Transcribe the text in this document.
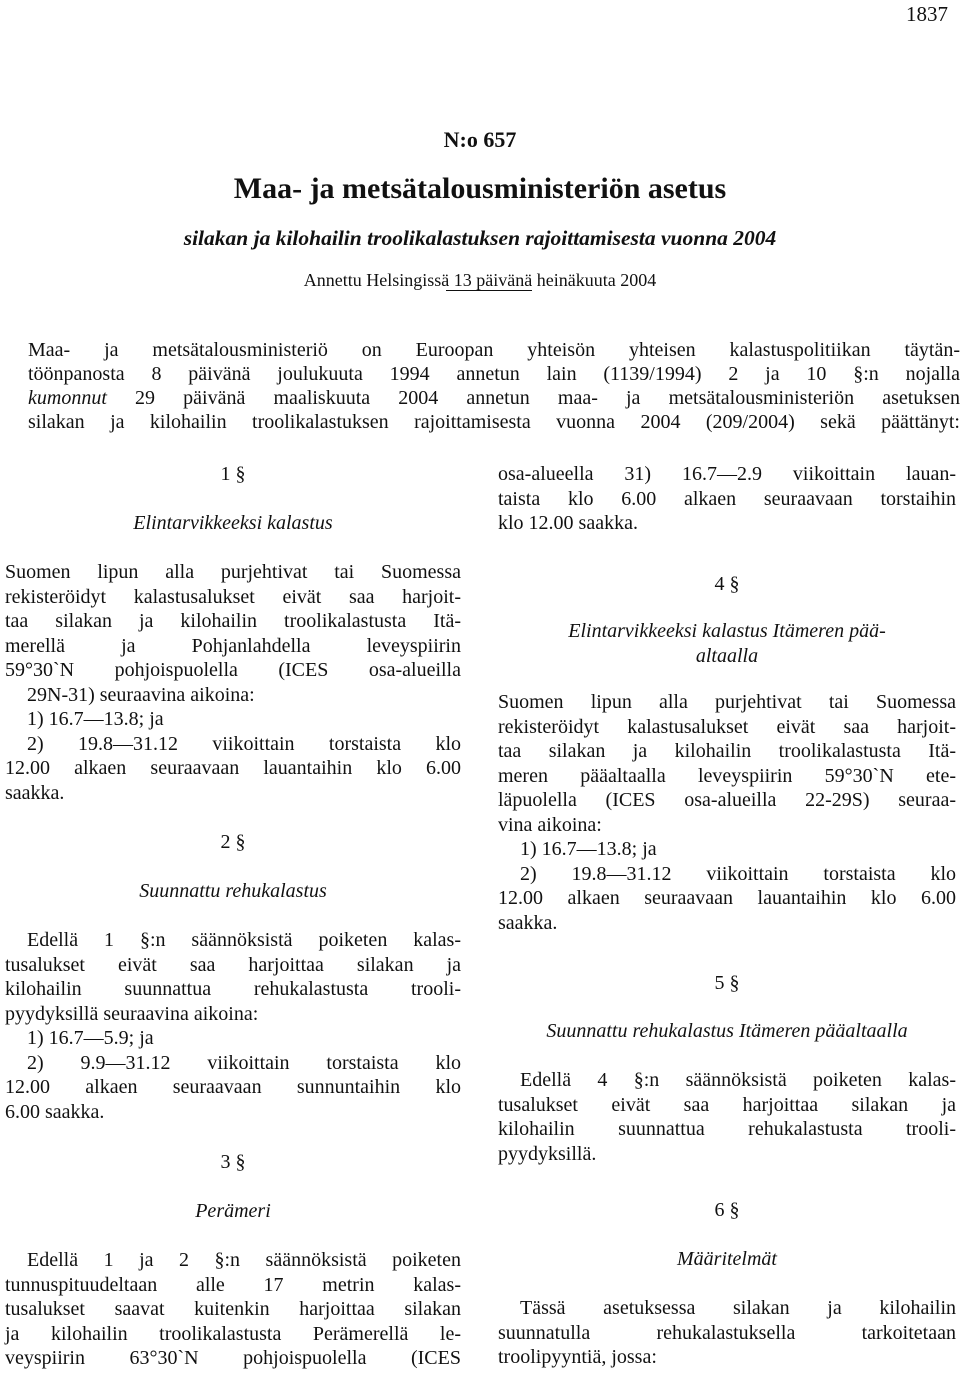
1837
N:o 657
Maa- ja metsätalousministeriön asetus
silakan ja kilohailin troolikalastuksen rajoittamisesta vuonna 2004
Annettu Helsingissä 13 päivänä heinäkuuta 2004
Maa- ja metsätalousministeriö on Euroopan yhteisön yhteisen kalastuspolitiikan täytän-
töönpanosta 8 päivänä joulukuuta 1994 annetun lain (1139/1994) 2 ja 10 §:n nojalla
kumonnut 29 päivänä maaliskuuta 2004 annetun maa- ja metsätalousministeriön asetuksen
silakan ja kilohailin troolikalastuksen rajoittamisesta vuonna 2004 (209/2004) sekä päättänyt:
1 §
Elintarvikkeeksi kalastus
Suomen lipun alla purjehtivat tai Suomessa
rekisteröidyt kalastusalukset eivät saa harjoit-
taa silakan ja kilohailin troolikalastusta Itä-
merellä ja Pohjanlahdella leveyspiirin
59°30`N pohjoispuolella (ICES osa-alueilla
29N-31) seuraavina aikoina:
1) 16.7—13.8; ja
2) 19.8—31.12 viikoittain torstaista klo
12.00 alkaen seuraavaan lauantaihin klo 6.00
saakka.
2 §
Suunnattu rehukalastus
Edellä 1 §:n säännöksistä poiketen kalas-
tusalukset eivät saa harjoittaa silakan ja
kilohailin suunnattua rehukalastusta trooli-
pyydyksillä seuraavina aikoina:
1) 16.7—5.9; ja
2) 9.9—31.12 viikoittain torstaista klo
12.00 alkaen seuraavaan sunnuntaihin klo
6.00 saakka.
3 §
Perämeri
Edellä 1 ja 2 §:n säännöksistä poiketen
tunnuspituudeltaan alle 17 metrin kalas-
tusalukset saavat kuitenkin harjoittaa silakan
ja kilohailin troolikalastusta Perämerellä le-
veyspiirin 63°30`N pohjoispuolella (ICES
osa-alueella 31) 16.7—2.9 viikoittain lauan-
taista klo 6.00 alkaen seuraavaan torstaihin
klo 12.00 saakka.
4 §
Elintarvikkeeksi kalastus Itämeren pää-
altaalla
Suomen lipun alla purjehtivat tai Suomessa
rekisteröidyt kalastusalukset eivät saa harjoit-
taa silakan ja kilohailin troolikalastusta Itä-
meren pääaltaalla leveyspiirin 59°30`N ete-
läpuolella (ICES osa-alueilla 22-29S) seuraa-
vina aikoina:
1) 16.7—13.8; ja
2) 19.8—31.12 viikoittain torstaista klo
12.00 alkaen seuraavaan lauantaihin klo 6.00
saakka.
5 §
Suunnattu rehukalastus Itämeren pääaltaalla
Edellä 4 §:n säännöksistä poiketen kalas-
tusalukset eivät saa harjoittaa silakan ja
kilohailin suunnattua rehukalastusta trooli-
pyydyksillä.
6 §
Määritelmät
Tässä asetuksessa silakan ja kilohailin
suunnatulla rehukalastuksella tarkoitetaan
troolipyyntiä, jossa:
